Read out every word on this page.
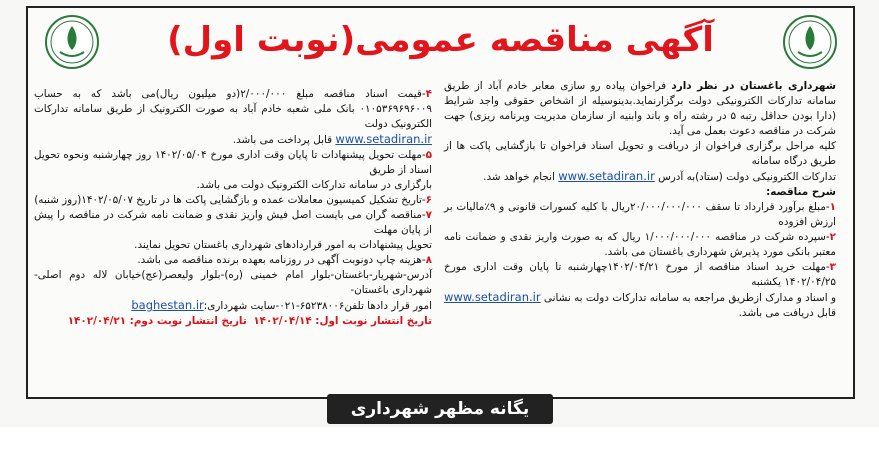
آگهی مناقصه عمومی(نوبت اول)

شهرداری باغستان در نظر دارد فراخوان پیاده رو سازی معابر خادم آباد از طریق سامانه تدارکات الکترونیکی دولت برگزارنماید.بدینوسیله از اشخاص حقوقی واجد شرایط (دارا بودن حداقل رتبه ۵ در رشته راه و باند وابنیه از سازمان مدیریت وبرنامه ریزی) جهت شرکت در مناقصه دعوت بعمل می آید.

کلیه مراحل برگزاری فراخوان از دریافت و تحویل اسناد فراخوان تا بازگشایی پاکت ها از طریق درگاه سامانه

تدارکات الکترونیکی دولت (ستاد)به آدرس www.setadiran.ir انجام خواهد شد.

شرح مناقصه:

۱-مبلغ برآورد قرارداد تا سقف ۲۰/۰۰۰/۰۰۰/۰۰۰ریال با کلیه کسورات قانونی و ۹٪مالیات بر ارزش افزوده

۲-سپرده شرکت در مناقصه ۱/۰۰۰/۰۰۰/۰۰۰ ریال که به صورت واریز نقدی و ضمانت نامه معتبر بانکی مورد پذیرش شهرداری باغستان می باشد.

۳-مهلت خرید اسناد مناقصه از مورخ ۱۴۰۲/۰۴/۲۱چهارشنبه تا پایان وقت اداری مورخ ۱۴۰۲/۰۴/۲۵ یکشنبه

و اسناد و مدارک ازطریق مراجعه به سامانه تدارکات دولت به نشانی www.setadiran.ir قابل دریافت می باشد.

۴-قیمت اسناد مناقصه مبلغ ۲/۰۰۰/۰۰۰(دو میلیون ریال)می باشد که به حساب ۰۱۰۵۳۶۹۶۹۶۰۰۹ بانک ملی شعبه خادم آباد به صورت الکترونیک از طریق سامانه تدارکات الکترونیک دولت

www.setadiran.ir قابل پرداخت می باشد.

۵-مهلت تحویل پیشنهادات تا پایان وقت اداری مورخ ۱۴۰۲/۰۵/۰۴ روز چهارشنبه ونحوه تحویل اسناد از طریق

بارگزاری در سامانه تدارکات الکترونیک دولت می باشد.

۶-تاریخ تشکیل کمیسیون معاملات عمده و بازگشایی پاکت ها در تاریخ ۱۴۰۲/۰۵/۰۷(روز شنبه)

۷-مناقصه گران می بایست اصل فیش واریز نقدی و ضمانت نامه شرکت در مناقصه را پیش از پایان مهلت

تحویل پیشنهادات به امور قراردادهای شهرداری باغستان تحویل نمایند.

۸-هزینه چاپ دونوبت آگهی در روزنامه بعهده برنده مناقصه می باشد.

آدرس-شهریار-باغستان-بلوار امام خمینی (ره)-بلوار ولیعصر(عج)خیابان لاله دوم اصلی-شهرداری باغستان-

امور قرار دادها تلفن۶۵۲۳۸۰۰۶-۰۲۱-سایت شهرداری:baghestan.ir

تاریخ انتشار نوبت اول: ۱۴۰۲/۰۴/۱۴  تاریخ انتشار نوبت دوم: ۱۴۰۲/۰۴/۲۱

یگانه مظهر شهرداری باغستان
